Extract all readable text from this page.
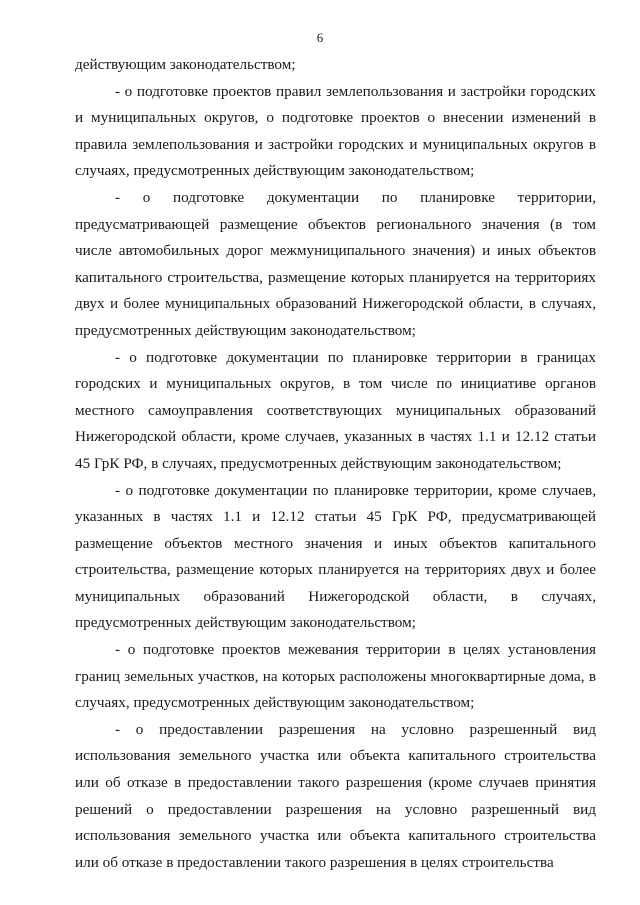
6

действующим законодательством;

- о подготовке проектов правил землепользования и застройки городских и муниципальных округов, о подготовке проектов о внесении изменений в правила землепользования и застройки городских и муниципальных округов в случаях, предусмотренных действующим законодательством;

- о подготовке документации по планировке территории, предусматривающей размещение объектов регионального значения (в том числе автомобильных дорог межмуниципального значения) и иных объектов капитального строительства, размещение которых планируется на территориях двух и более муниципальных образований Нижегородской области, в случаях, предусмотренных действующим законодательством;

- о подготовке документации по планировке территории в границах городских и муниципальных округов, в том числе по инициативе органов местного самоуправления соответствующих муниципальных образований Нижегородской области, кроме случаев, указанных в частях 1.1 и 12.12 статьи 45 ГрК РФ, в случаях, предусмотренных действующим законодательством;

- о подготовке документации по планировке территории, кроме случаев, указанных в частях 1.1 и 12.12 статьи 45 ГрК РФ, предусматривающей размещение объектов местного значения и иных объектов капитального строительства, размещение которых планируется на территориях двух и более муниципальных образований Нижегородской области, в случаях, предусмотренных действующим законодательством;

- о подготовке проектов межевания территории в целях установления границ земельных участков, на которых расположены многоквартирные дома, в случаях, предусмотренных действующим законодательством;

- о предоставлении разрешения на условно разрешенный вид использования земельного участка или объекта капитального строительства или об отказе в предоставлении такого разрешения (кроме случаев принятия решений о предоставлении разрешения на условно разрешенный вид использования земельного участка или объекта капитального строительства или об отказе в предоставлении такого разрешения в целях строительства
